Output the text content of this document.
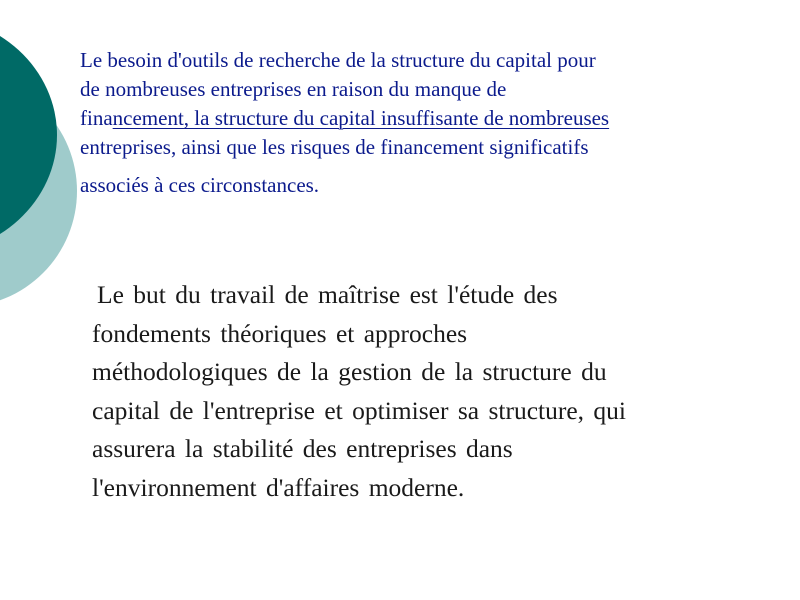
Le besoin d'outils de recherche de la structure du capital pour
de nombreuses entreprises en raison du manque de
financement, la structure du capital insuffisante de nombreuses
entreprises, ainsi que les risques de financement significatifs
associés à ces circonstances.

Le but du travail de maîtrise est l'étude des
fondements théoriques et approches
méthodologiques de la gestion de la structure du
capital de l'entreprise et optimiser sa structure, qui
assurera la stabilité des entreprises dans
l'environnement d'affaires moderne.
